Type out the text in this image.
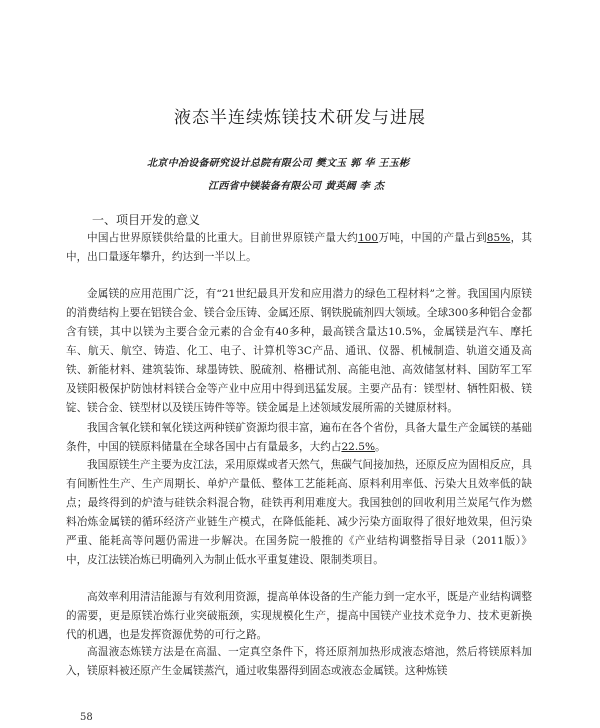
液态半连续炼镁技术研发与进展
北京中冶设备研究设计总院有限公司 樊文玉 郭 华 王玉彬
江西省中镁装备有限公司 黄英阔 李 杰
一、项目开发的意义
中国占世界原镁供给量的比重大。目前世界原镁产量大约100万吨，中国的产量占到85%，其中，出口量逐年攀升，约达到一半以上。
金属镁的应用范围广泛，有“21世纪最具开发和应用潜力的绿色工程材料”之誉。我国国内原镁的消费结构上要在铝镁合金、镁合金压铸、金属还原、钢铁脱硫剂四大领域。全球300多种铝合金都含有镁，其中以镁为主要合金元素的合金有40多种，最高镁含量达10.5%，金属镁是汽车、摩托车、航天、航空、铸造、化工、电子、计算机等3C产品、通讯、仪器、机械制造、轨道交通及高铁、新能材料、建筑装饰、球墨铸铁、脱硫剂、格栅试剂、高能电池、高效储氢材料、国防军工军及镁阳极保护防蚀材料镁合金等产业中应用中得到迅猛发展。主要产品有：镁型材、牺牲阳极、镁锭、镁合金、镁型材以及镁压铸件等等。镁金属是上述领域发展所需的关键原材料。
我国含氧化镁和氧化镁这两种镁矿资源均很丰富，遍布在各个省份，具备大量生产金属镁的基础条件，中国的镁原料储量在全球各国中占有量最多，大约占22.5%。
我国原镁生产主要为皮江法，采用原煤或者天然气，焦碳气间接加热，还原反应为固相反应，具有间断性生产、生产周期长、单炉产量低、整体工艺能耗高、原料利用率低、污染大且效率低的缺点；最终得到的炉渣与硅铁余料混合物，硅铁再利用难度大。我国独创的回收利用兰炭尾气作为燃料冶炼金属镁的循环经济产业链生产模式，在降低能耗、减少污染方面取得了很好地效果，但污染严重、能耗高等问题仍需进一步解决。在国务院一般推的《产业结构调整指导目录（2011版）》中，皮江法镁冶炼已明确列入为制止低水平重复建设、限制类项目。
高效率利用清洁能源与有效利用资源，提高单体设备的生产能力到一定水平，既是产业结构调整的需要，更是原镁冶炼行业突破瓶颈，实现规模化生产，提高中国镁产业技术竞争力、技术更新换代的机遇，也是发挥资源优势的可行之路。
高温液态炼镁方法是在高温、一定真空条件下，将还原剂加热形成液态熔池，然后将镁原料加入，镁原料被还原产生金属镁蒸汽，通过收集器得到固态或液态金属镁。这种炼镁
58
